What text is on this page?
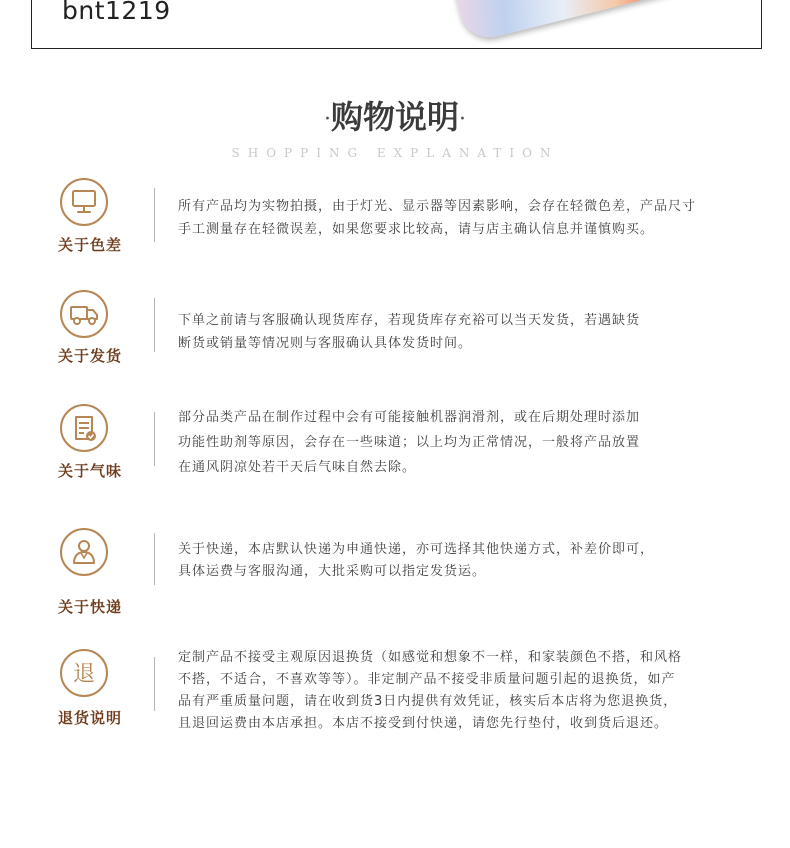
bnt1219
·购物说明·
SHOPPING EXPLANATION
关于色差
所有产品均为实物拍摄，由于灯光、显示器等因素影响，会存在轻微色差，产品尺寸
手工测量存在轻微误差，如果您要求比较高，请与店主确认信息并谨慎购买。
关于发货
下单之前请与客服确认现货库存，若现货库存充裕可以当天发货，若遇缺货
断货或销量等情况则与客服确认具体发货时间。
关于气味
部分品类产品在制作过程中会有可能接触机器润滑剂，或在后期处理时添加
功能性助剂等原因，会存在一些味道；以上均为正常情况，一般将产品放置
在通风阴凉处若干天后气味自然去除。
关于快递
关于快递，本店默认快递为申通快递，亦可选择其他快递方式，补差价即可，
具体运费与客服沟通，大批采购可以指定发货运。
退
退货说明
定制产品不接受主观原因退换货（如感觉和想象不一样，和家装颜色不搭，和风格
不搭，不适合，不喜欢等等）。非定制产品不接受非质量问题引起的退换货，如产
品有严重质量问题，请在收到货3日内提供有效凭证，核实后本店将为您退换货，
且退回运费由本店承担。本店不接受到付快递，请您先行垫付，收到货后退还。
